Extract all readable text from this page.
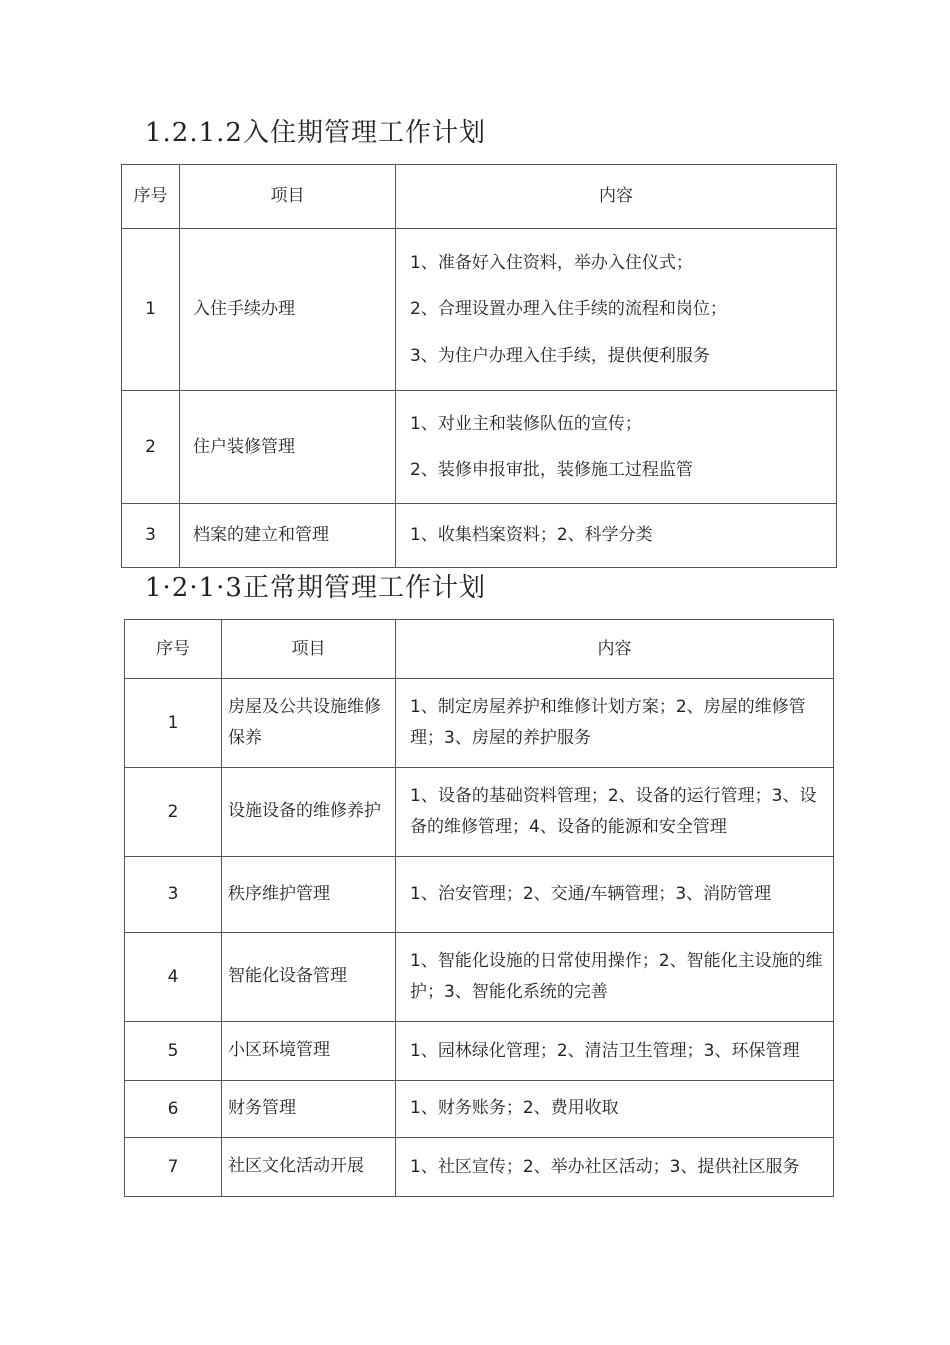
1.2.1.2入住期管理工作计划
序号	项目	内容
1	入住手续办理	1、准备好入住资料，举办入住仪式；
2、合理设置办理入住手续的流程和岗位；
3、为住户办理入住手续，提供便利服务

2	住户装修管理	1、对业主和装修队伍的宣传；
2、装修申报审批，装修施工过程监管

3	档案的建立和管理	1、收集档案资料；2、科学分类
1·2·1·3正常期管理工作计划
序号	项目	内容
1	房屋及公共设施维修保养	1、制定房屋养护和维修计划方案；2、房屋的维修管理；3、房屋的养护服务
2	设施设备的维修养护	1、设备的基础资料管理；2、设备的运行管理；3、设备的维修管理；4、设备的能源和安全管理
3	秩序维护管理	1、治安管理；2、交通/车辆管理；3、消防管理
4	智能化设备管理	1、智能化设施的日常使用操作；2、智能化主设施的维护；3、智能化系统的完善
5	小区环境管理	1、园林绿化管理；2、清洁卫生管理；3、环保管理
6	财务管理	1、财务账务；2、费用收取
7	社区文化活动开展	1、社区宣传；2、举办社区活动；3、提供社区服务
